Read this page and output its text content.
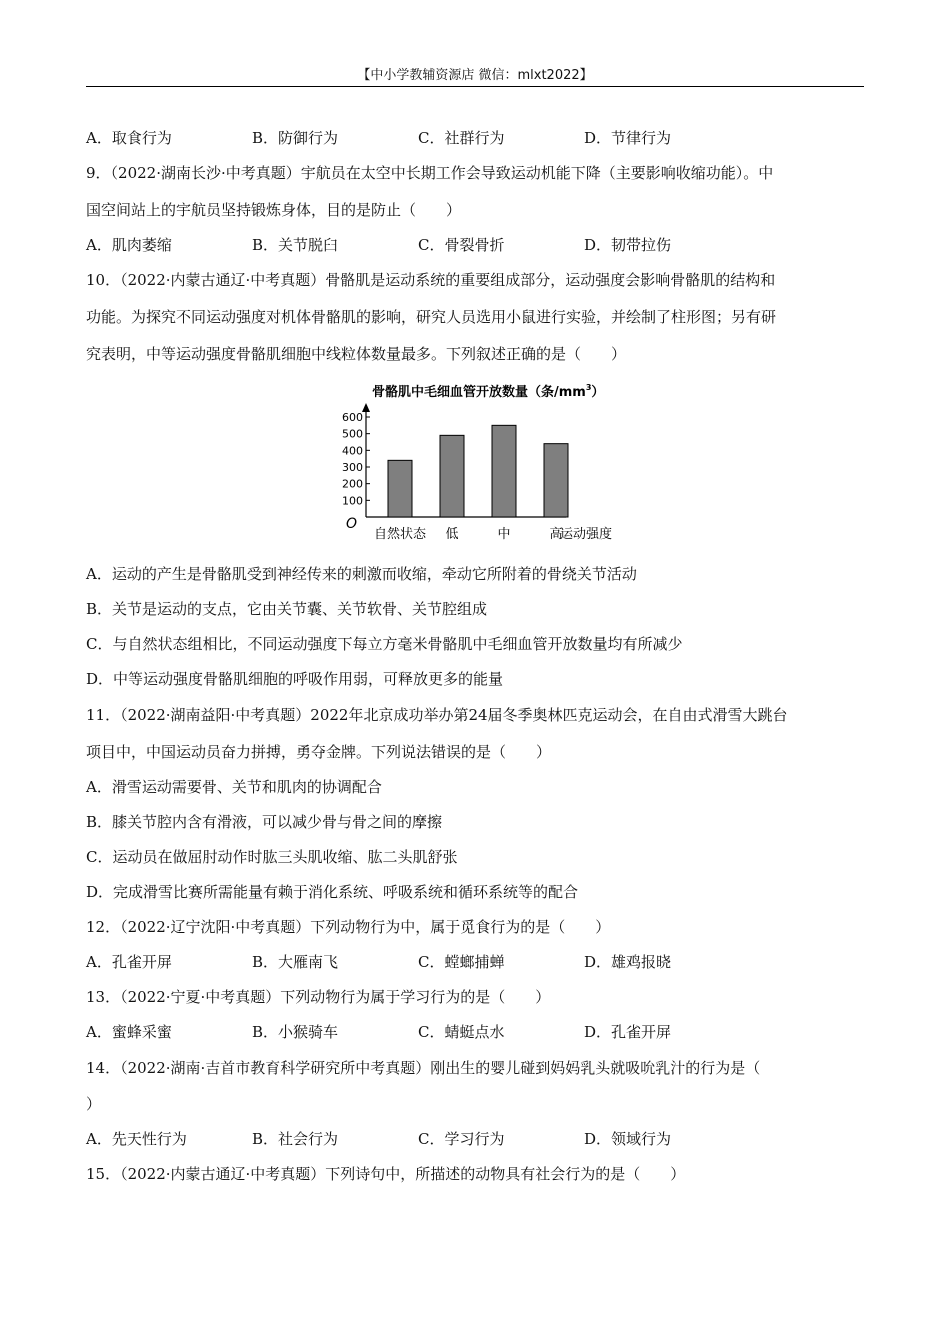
【中小学教辅资源店 微信：mlxt2022】
A．取食行为	B．防御行为	C．社群行为	D．节律行为
9．（2022·湖南长沙·中考真题）宇航员在太空中长期工作会导致运动机能下降（主要影响收缩功能）。中
国空间站上的宇航员坚持锻炼身体，目的是防止（　　）
A．肌肉萎缩	B．关节脱臼	C．骨裂骨折	D．韧带拉伤
10．（2022·内蒙古通辽·中考真题）骨骼肌是运动系统的重要组成部分，运动强度会影响骨骼肌的结构和
功能。为探究不同运动强度对机体骨骼肌的影响，研究人员选用小鼠进行实验，并绘制了柱形图；另有研
究表明，中等运动强度骨骼肌细胞中线粒体数量最多。下列叙述正确的是（　　）
骨骼肌中毛细血管开放数量（条$/mm^3$）
100
200
300
400
500
600
自然状态 低	中	高
O
运动强度
A．运动的产生是骨骼肌受到神经传来的刺激而收缩，牵动它所附着的骨绕关节活动
B．关节是运动的支点，它由关节囊、关节软骨、关节腔组成
C．与自然状态组相比，不同运动强度下每立方毫米骨骼肌中毛细血管开放数量均有所减少
D．中等运动强度骨骼肌细胞的呼吸作用弱，可释放更多的能量
11．（2022·湖南益阳·中考真题）2022年北京成功举办第24届冬季奥林匹克运动会，在自由式滑雪大跳台
项目中，中国运动员奋力拼搏，勇夺金牌。下列说法错误的是（　　）
A．滑雪运动需要骨、关节和肌肉的协调配合
B．膝关节腔内含有滑液，可以减少骨与骨之间的摩擦
C．运动员在做屈肘动作时肱三头肌收缩、肱二头肌舒张
D．完成滑雪比赛所需能量有赖于消化系统、呼吸系统和循环系统等的配合
12．（2022·辽宁沈阳·中考真题）下列动物行为中，属于觅食行为的是（　　）
A．孔雀开屏	B．大雁南飞	C．螳螂捕蝉	D．雄鸡报晓
13．（2022·宁夏·中考真题）下列动物行为属于学习行为的是（　　）
A．蜜蜂采蜜	B．小猴骑车	C．蜻蜓点水	D．孔雀开屏
14．（2022·湖南·吉首市教育科学研究所中考真题）刚出生的婴儿碰到妈妈乳头就吸吮乳汁的行为是（
）
A．先天性行为	B．社会行为	C．学习行为	D．领域行为
15．（2022·内蒙古通辽·中考真题）下列诗句中，所描述的动物具有社会行为的是（　　）
